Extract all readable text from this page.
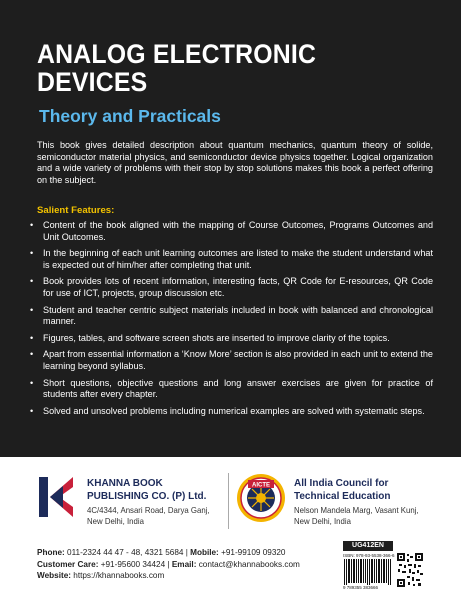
ANALOG ELECTRONIC
DEVICES
Theory and Practicals

This book gives detailed description about quantum mechanics, quantum theory of solide, semiconductor material physics, and semiconductor device physics together. Logical organization and a wide variety of problems with their stop by stop solutions makes this book a perfect offering on the subject.

Salient Features:
• Content of the book aligned with the mapping of Course Outcomes, Programs Outcomes and Unit Outcomes.
• In the beginning of each unit learning outcomes are listed to make the student understand what is expected out of him/her after completing that unit.
• Book provides lots of recent information, interesting facts, QR Code for E-resources, QR Code for use of ICT, projects, group discussion etc.
• Student and teacher centric subject materials included in book with balanced and chronological manner.
• Figures, tables, and software screen shots are inserted to improve clarity of the topics.
• Apart from essential information a ‘Know More’ section is also provided in each unit to extend the learning beyond syllabus.
• Short questions, objective questions and long answer exercises are given for practice of students after every chapter.
• Solved and unsolved problems including numerical examples are solved with systematic steps.
KHANNA BOOK
PUBLISHING CO. (P) Ltd.
4C/4344, Ansari Road, Darya Ganj,
New Delhi, India
AICTE All India Council for
Technical Education
Nelson Mandela Marg, Vasant Kunj,
New Delhi, India
Phone: 011-2324 44 47 - 48, 4321 5684 | Mobile: +91-99109 09320
Customer Care: +91-95600 34424 | Email: contact@khannabooks.com
Website: https://khannabooks.com
UG412EN
ISBN: 978-93-5538-366-6
9 789355 383666
